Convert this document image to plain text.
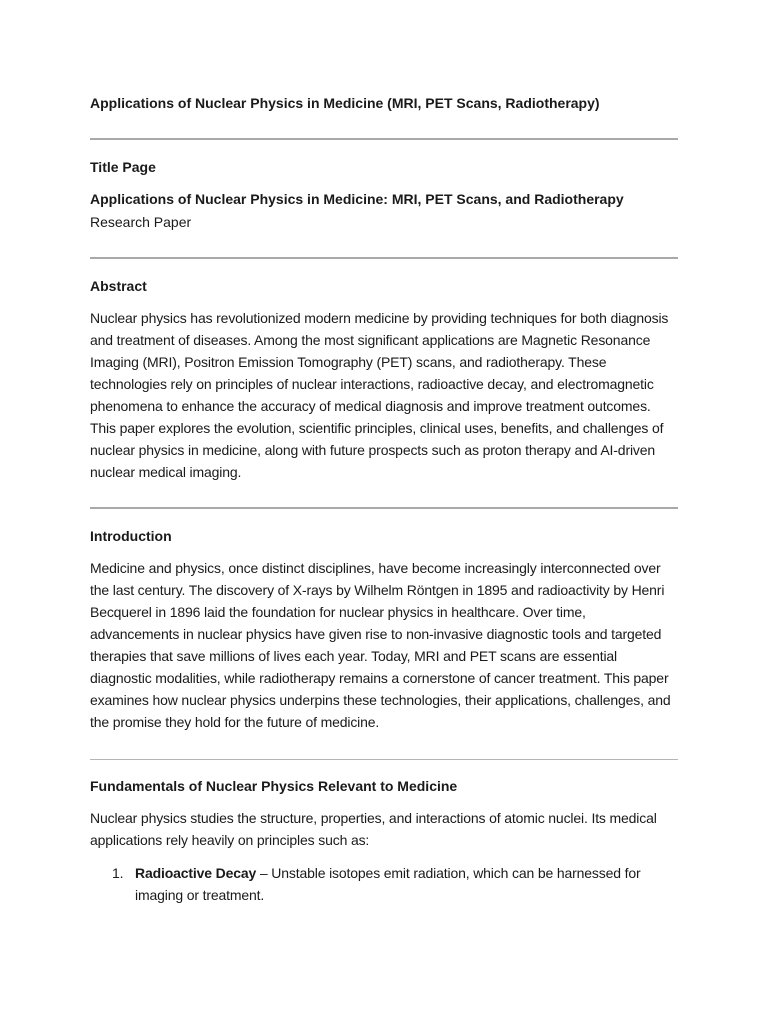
Applications of Nuclear Physics in Medicine (MRI, PET Scans, Radiotherapy)
Title Page
Applications of Nuclear Physics in Medicine: MRI, PET Scans, and Radiotherapy
Research Paper
Abstract

Nuclear physics has revolutionized modern medicine by providing techniques for both diagnosis and treatment of diseases. Among the most significant applications are Magnetic Resonance Imaging (MRI), Positron Emission Tomography (PET) scans, and radiotherapy. These technologies rely on principles of nuclear interactions, radioactive decay, and electromagnetic phenomena to enhance the accuracy of medical diagnosis and improve treatment outcomes. This paper explores the evolution, scientific principles, clinical uses, benefits, and challenges of nuclear physics in medicine, along with future prospects such as proton therapy and AI-driven nuclear medical imaging.

Introduction

Medicine and physics, once distinct disciplines, have become increasingly interconnected over the last century. The discovery of X-rays by Wilhelm Röntgen in 1895 and radioactivity by Henri Becquerel in 1896 laid the foundation for nuclear physics in healthcare. Over time, advancements in nuclear physics have given rise to non-invasive diagnostic tools and targeted therapies that save millions of lives each year. Today, MRI and PET scans are essential diagnostic modalities, while radiotherapy remains a cornerstone of cancer treatment. This paper examines how nuclear physics underpins these technologies, their applications, challenges, and the promise they hold for the future of medicine.

Fundamentals of Nuclear Physics Relevant to Medicine

Nuclear physics studies the structure, properties, and interactions of atomic nuclei. Its medical applications rely heavily on principles such as:

1. Radioactive Decay – Unstable isotopes emit radiation, which can be harnessed for imaging or treatment.
